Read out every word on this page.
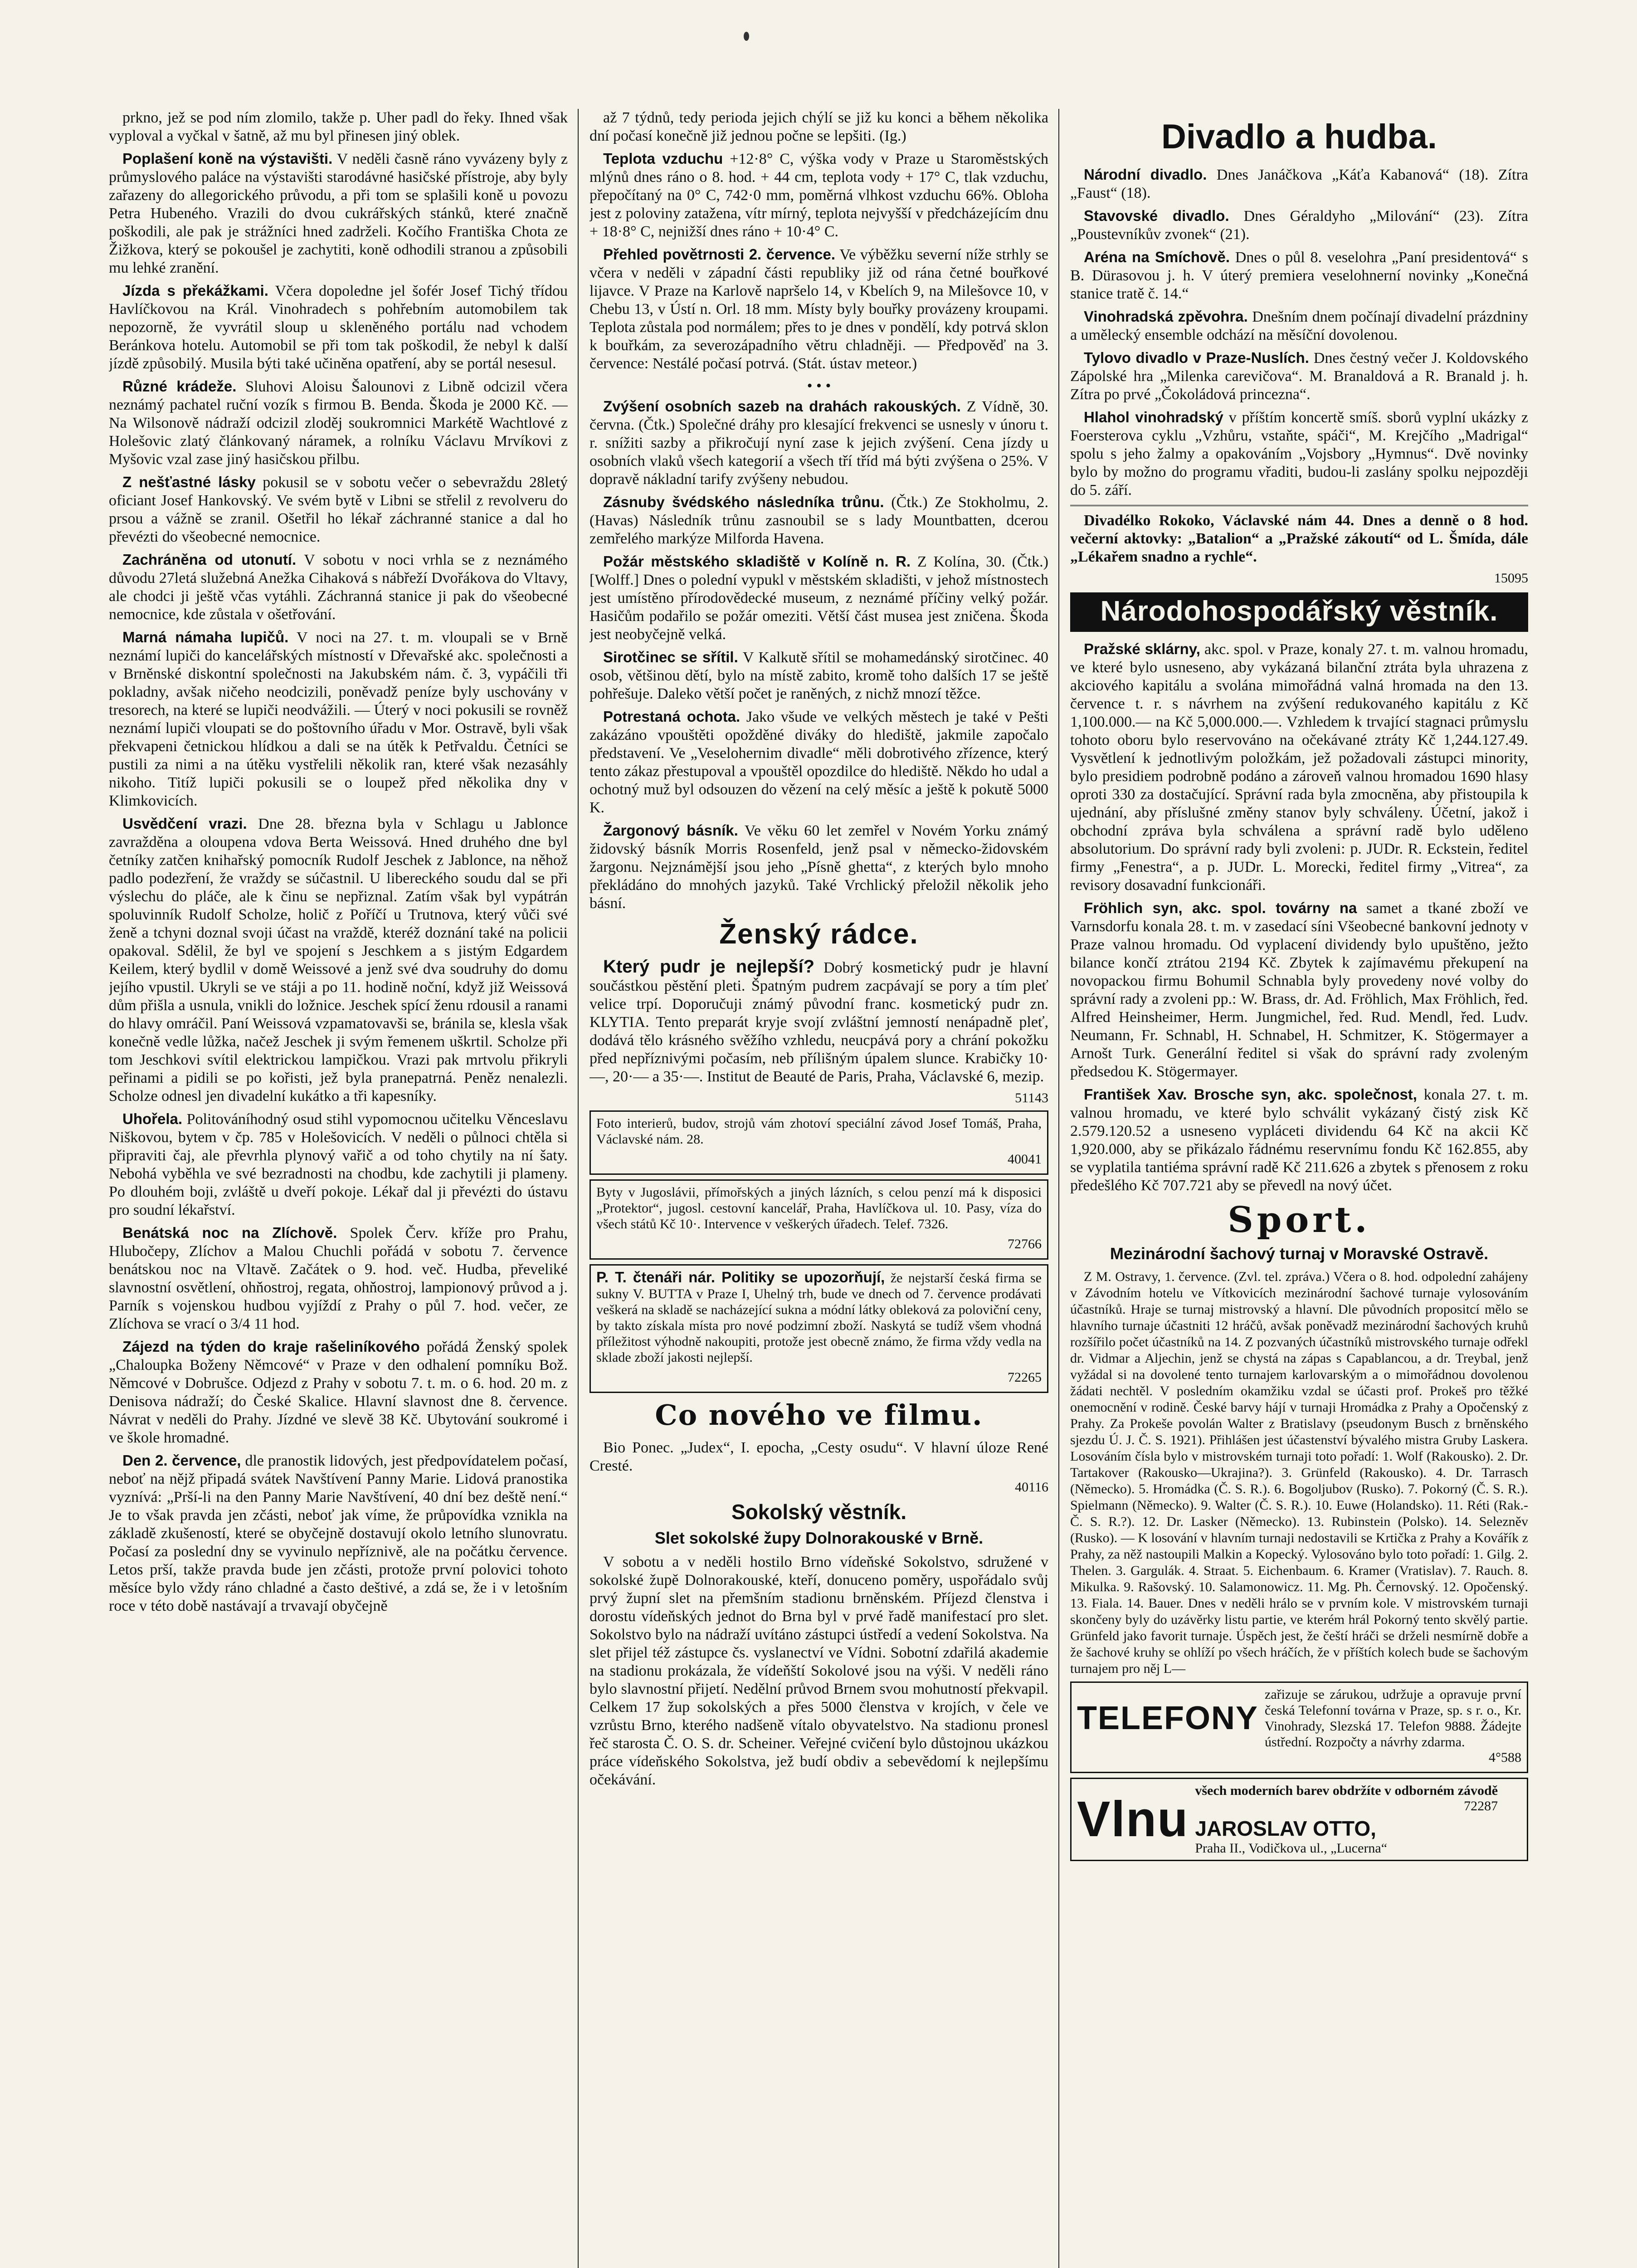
prkno, jež se pod ním zlomilo, takže p. Uher padl do řeky. Ihned však vyploval a vyčkal v šatně, až mu byl přinesen jiný oblek.

Poplašení koně na výstavišti. V neděli časně ráno vyvázeny byly z průmyslového paláce na výstavišti starodávné hasičské přístroje, aby byly zařazeny do allegorického průvodu, a při tom se splašili koně u povozu Petra Hubeného. Vrazili do dvou cukrářských stánků, které značně poškodili, ale pak je strážníci hned zadrželi. Kočího Františka Chota ze Žižkova, který se pokoušel je zachytiti, koně odhodili stranou a způsobili mu lehké zranění.

Jízda s překážkami. Včera dopoledne jel šofér Josef Tichý třídou Havlíčkovou na Král. Vinohradech s pohřebním automobilem tak nepozorně, že vyvrátil sloup u skleněného portálu nad vchodem Beránkova hotelu. Automobil se při tom tak poškodil, že nebyl k další jízdě způsobilý. Musila býti také učiněna opatření, aby se portál nesesul.

Různé krádeže. Sluhovi Aloisu Šalounovi z Libně odcizil včera neznámý pachatel ruční vozík s firmou B. Benda. Škoda je 2000 Kč. — Na Wilsonově nádraží odcizil zloděj soukromnici Markétě Wachtlové z Holešovic zlatý článkovaný náramek, a rolníku Václavu Mrvíkovi z Myšovic vzal zase jiný hasičskou přilbu.

Z nešťastné lásky pokusil se v sobotu večer o sebevraždu 28letý oficiant Josef Hankovský. Ve svém bytě v Libni se střelil z revolveru do prsou a vážně se zranil. Ošetřil ho lékař záchranné stanice a dal ho převézti do všeobecné nemocnice.

Zachráněna od utonutí. V sobotu v noci vrhla se z neznámého důvodu 27letá služebná Anežka Cihaková s nábřeží Dvořákova do Vltavy, ale chodci ji ještě včas vytáhli. Záchranná stanice ji pak do všeobecné nemocnice, kde zůstala v ošetřování.

Marná námaha lupičů. V noci na 27. t. m. vloupali se v Brně neznámí lupiči do kancelářských místností v Dřevařské akc. společnosti a v Brněnské diskontní společnosti na Jakubském nám. č. 3, vypáčili tři pokladny, avšak ničeho neodcizili, poněvadž peníze byly uschovány v tresorech, na které se lupiči neodvážili. — Úterý v noci pokusili se rovněž neznámí lupiči vloupati se do poštovního úřadu v Mor. Ostravě, byli však překvapeni četnickou hlídkou a dali se na útěk k Petřvaldu. Četníci se pustili za nimi a na útěku vystřelili několik ran, které však nezasáhly nikoho. Titíž lupiči pokusili se o loupež před několika dny v Klimkovicích.

Usvědčení vrazi. Dne 28. března byla v Schlagu u Jablonce zavražděna a oloupena vdova Berta Weissová. Hned druhého dne byl četníky zatčen knihařský pomocník Rudolf Jeschek z Jablonce, na něhož padlo podezření, že vraždy se súčastnil. U libereckého soudu dal se při výslechu do pláče, ale k činu se nepřiznal. Zatím však byl vypátrán spoluvinník Rudolf Scholze, holič z Poříčí u Trutnova, který vůči své ženě a tchyni doznal svoji účast na vraždě, kteréž doznání také na policii opakoval. Sdělil, že byl ve spojení s Jeschkem a s jistým Edgardem Keilem, který bydlil v domě Weissové a jenž své dva soudruhy do domu jejího vpustil. Ukryli se ve stáji a po 11. hodině noční, když již Weissová dům přišla a usnula, vnikli do ložnice. Jeschek spící ženu rdousil a ranami do hlavy omráčil. Paní Weissová vzpamatovavši se, bránila se, klesla však konečně vedle lůžka, načež Jeschek ji svým řemenem uškrtil. Scholze při tom Jeschkovi svítil elektrickou lampičkou. Vrazi pak mrtvolu přikryli peřinami a pidili se po kořisti, jež byla pranepatrná. Peněz nenalezli. Scholze odnesl jen divadelní kukátko a tři kapesníky.

Uhořela. Politováníhodný osud stihl vypomocnou učitelku Věnceslavu Niškovou, bytem v čp. 785 v Holešovicích. V neděli o půlnoci chtěla si připraviti čaj, ale převrhla plynový vařič a od toho chytily na ní šaty. Nebohá vyběhla ve své bezradnosti na chodbu, kde zachytili ji plameny. Po dlouhém boji, zvláště u dveří pokoje. Lékař dal ji převézti do ústavu pro soudní lékařství.

Benátská noc na Zlíchově. Spolek Červ. kříže pro Prahu, Hlubočepy, Zlíchov a Malou Chuchli pořádá v sobotu 7. července benátskou noc na Vltavě. Začátek o 9. hod. več. Hudba, převeliké slavnostní osvětlení, ohňostroj, regata, ohňostroj, lampionový průvod a j. Parník s vojenskou hudbou vyjíždí z Prahy o půl 7. hod. večer, ze Zlíchova se vrací o 3/4 11 hod.

Zájezd na týden do kraje rašeliníkového pořádá Ženský spolek „Chaloupka Boženy Němcové“ v Praze v den odhalení pomníku Bož. Němcové v Dobrušce. Odjezd z Prahy v sobotu 7. t. m. o 6. hod. 20 m. z Denisova nádraží; do České Skalice. Hlavní slavnost dne 8. července. Návrat v neděli do Prahy. Jízdné ve slevě 38 Kč. Ubytování soukromé i ve škole hromadné.

Den 2. července, dle pranostik lidových, jest předpovídatelem počasí, neboť na nějž připadá svátek Navštívení Panny Marie. Lidová pranostika vyznívá: „Prší-li na den Panny Marie Navštívení, 40 dní bez deště není.“ Je to však pravda jen zčásti, neboť jak víme, že průpovídka vznikla na základě zkušeností, které se obyčejně dostavují okolo letního slunovratu. Počasí za poslední dny se vyvinulo nepříznivě, ale na počátku července. Letos prší, takže pravda bude jen zčásti, protože první polovici tohoto měsíce bylo vždy ráno chladné a často deštivé, a zdá se, že i v letošním roce v této době nastávají a trvavají obyčejně

až 7 týdnů, tedy perioda jejich chýlí se již ku konci a během několika dní počasí konečně již jednou počne se lepšiti. (Ig.)

Teplota vzduchu +12·8° C, výška vody v Praze u Staroměstských mlýnů dnes ráno o 8. hod. + 44 cm, teplota vody + 17° C, tlak vzduchu, přepočítaný na 0° C, 742·0 mm, poměrná vlhkost vzduchu 66%. Obloha jest z poloviny zatažena, vítr mírný, teplota nejvyšší v předcházejícím dnu + 18·8° C, nejnižší dnes ráno + 10·4° C.

Přehled povětrnosti 2. července. Ve výběžku severní níže strhly se včera v neděli v západní části republiky již od rána četné bouřkové lijavce. V Praze na Karlově napršelo 14, v Kbelích 9, na Milešovce 10, v Chebu 13, v Ústí n. Orl. 18 mm. Místy byly bouřky provázeny kroupami. Teplota zůstala pod normálem; přes to je dnes v pondělí, kdy potrvá sklon k bouřkám, za severozápadního větru chladněji. — Předpověď na 3. července: Nestálé počasí potrvá. (Stát. ústav meteor.)

• • •

Zvýšení osobních sazeb na drahách rakouských. Z Vídně, 30. června. (Čtk.) Společné dráhy pro klesající frekvenci se usnesly v únoru t. r. snížiti sazby a přikročují nyní zase k jejich zvýšení. Cena jízdy u osobních vlaků všech kategorií a všech tří tříd má býti zvýšena o 25%. V dopravě nákladní tarify zvýšeny nebudou.

Zásnuby švédského následníka trůnu. (Čtk.) Ze Stokholmu, 2. (Havas) Následník trůnu zasnoubil se s lady Mountbatten, dcerou zemřelého markýze Milforda Havena.

Požár městského skladiště v Kolíně n. R. Z Kolína, 30. (Čtk.) [Wolff.] Dnes o polední vypukl v městském skladišti, v jehož místnostech jest umístěno přírodovědecké museum, z neznámé příčiny velký požár. Hasičům podařilo se požár omeziti. Větší část musea jest zničena. Škoda jest neobyčejně velká.

Sirotčinec se sřítil. V Kalkutě sřítil se mohamedánský sirotčinec. 40 osob, většinou dětí, bylo na místě zabito, kromě toho dalších 17 se ještě pohřešuje. Daleko větší počet je raněných, z nichž mnozí těžce.

Potrestaná ochota. Jako všude ve velkých městech je také v Pešti zakázáno vpouštěti opožděné diváky do hlediště, jakmile započalo představení. Ve „Veselohernim divadle“ měli dobrotivého zřízence, který tento zákaz přestupoval a vpouštěl opozdilce do hlediště. Někdo ho udal a ochotný muž byl odsouzen do vězení na celý měsíc a ještě k pokutě 5000 K.

Žargonový básník. Ve věku 60 let zemřel v Novém Yorku známý židovský básník Morris Rosenfeld, jenž psal v německo-židovském žargonu. Nejznámější jsou jeho „Písně ghetta“, z kterých bylo mnoho překládáno do mnohých jazyků. Také Vrchlický přeložil několik jeho básní.

Ženský rádce.

Který pudr je nejlepší? Dobrý kosmetický pudr je hlavní součástkou pěstění pleti. Špatným pudrem zacpávají se pory a tím pleť velice trpí. Doporučuji známý původní franc. kosmetický pudr zn. KLYTIA. Tento preparát kryje svojí zvláštní jemností nenápadně pleť, dodává tělo krásného svěžího vzhledu, neucpává pory a chrání pokožku před nepříznivými počasím, neb přílišným úpalem slunce. Krabičky 10·—, 20·— a 35·—. Institut de Beauté de Paris, Praha, Václavské 6, mezip.

51143

Foto interierů, budov, strojů vám zhotoví speciální závod Josef Tomáš, Praha, Václavské nám. 28.

40041

Byty v Jugoslávii, přímořských a jiných lázních, s celou penzí má k disposici „Protektor“, jugosl. cestovní kancelář, Praha, Havlíčkova ul. 10. Pasy, víza do všech států Kč 10·. Intervence v veškerých úřadech. Telef. 7326.

72766

P. T. čtenáři nár. Politiky se upozorňují, že nejstarší česká firma se sukny V. BUTTA v Praze I, Uhelný trh, bude ve dnech od 7. července prodávati veškerá na skladě se nacházející sukna a módní látky obleková za poloviční ceny, by takto získala místa pro nové podzimní zboží. Naskytá se tudíž všem vhodná příležitost výhodně nakoupiti, protože jest obecně známo, že firma vždy vedla na sklade zboží jakosti nejlepší.

72265
Co nového ve filmu.

Bio Ponec. „Judex“, I. epocha, „Cesty osudu“. V hlavní úloze René Cresté.

40116
Sokolský věstník.
Slet sokolské župy Dolnorakouské v Brně.

V sobotu a v neděli hostilo Brno vídeňské Sokolstvo, sdružené v sokolské župě Dolnorakouské, kteří, donuceno poměry, uspořádalo svůj prvý župní slet na přemšním stadionu brněnském. Příjezd členstva i dorostu vídeňských jednot do Brna byl v prvé řadě manifestací pro slet. Sokolstvo bylo na nádraží uvítáno zástupci ústředí a vedení Sokolstva. Na slet přijel též zástupce čs. vyslanectví ve Vídni. Sobotní zdařilá akademie na stadionu prokázala, že vídeňští Sokolové jsou na výši. V neděli ráno bylo slavnostní přijetí. Nedělní průvod Brnem svou mohutností překvapil. Celkem 17 žup sokolských a přes 5000 členstva v krojích, v čele ve vzrůstu Brno, kterého nadšeně vítalo obyvatelstvo. Na stadionu pronesl řeč starosta Č. O. S. dr. Scheiner. Veřejné cvičení bylo důstojnou ukázkou práce vídeňského Sokolstva, jež budí obdiv a sebevědomí k nejlepšímu očekávání.

Divadlo a hudba.

Národní divadlo. Dnes Janáčkova „Káťa Kabanová“ (18). Zítra „Faust“ (18).

Stavovské divadlo. Dnes Géraldyho „Milování“ (23). Zítra „Poustevníkův zvonek“ (21).

Aréna na Smíchově. Dnes o půl 8. veselohra „Paní presidentová“ s B. Dürasovou j. h. V úterý premiera veselohnerní novinky „Konečná stanice tratě č. 14.“

Vinohradská zpěvohra. Dnešním dnem počínají divadelní prázdniny a umělecký ensemble odchází na měsíční dovolenou.

Tylovo divadlo v Praze-Nuslích. Dnes čestný večer J. Koldovského Zápolské hra „Milenka carevičova“. M. Branaldová a R. Branald j. h. Zítra po prvé „Čokoládová princezna“.

Hlahol vinohradský v příštím koncertě smíš. sborů vyplní ukázky z Foersterova cyklu „Vzhůru, vstaňte, spáči“, M. Krejčího „Madrigal“ spolu s jeho žalmy a opakováním „Vojsbory „Hymnus“. Dvě novinky bylo by možno do programu vřaditi, budou-li zaslány spolku nejpozději do 5. září.

Divadélko Rokoko, Václavské nám 44. Dnes a denně o 8 hod. večerní aktovky: „Batalion“ a „Pražské zákoutí“ od L. Šmída, dále „Lékařem snadno a rychle“.

15095
Národohospodářský věstník.

Pražské sklárny, akc. spol. v Praze, konaly 27. t. m. valnou hromadu, ve které bylo usneseno, aby vykázaná bilanční ztráta byla uhrazena z akciového kapitálu a svolána mimořádná valná hromada na den 13. července t. r. s návrhem na zvýšení redukovaného kapitálu z Kč 1,100.000.— na Kč 5,000.000.—. Vzhledem k trvající stagnaci průmyslu tohoto oboru bylo reservováno na očekávané ztráty Kč 1,244.127.49. Vysvětlení k jednotlivým položkám, jež požadovali zástupci minority, bylo presidiem podrobně podáno a zároveň valnou hromadou 1690 hlasy oproti 330 za dostačující. Správní rada byla zmocněna, aby přistoupila k ujednání, aby příslušné změny stanov byly schváleny. Účetní, jakož i obchodní zpráva byla schválena a správní radě bylo uděleno absolutorium. Do správní rady byli zvoleni: p. JUDr. R. Eckstein, ředitel firmy „Fenestra“, a p. JUDr. L. Morecki, ředitel firmy „Vitrea“, za revisory dosavadní funkcionáři.

Fröhlich syn, akc. spol. továrny na samet a tkané zboží ve Varnsdorfu konala 28. t. m. v zasedací síni Všeobecné bankovní jednoty v Praze valnou hromadu. Od vyplacení dividendy bylo upuštěno, ježto bilance končí ztrátou 2194 Kč. Zbytek k zajímavému překupení na novopackou firmu Bohumil Schnabla byly provedeny nové volby do správní rady a zvoleni pp.: W. Brass, dr. Ad. Fröhlich, Max Fröhlich, řed. Alfred Heinsheimer, Herm. Jungmichel, řed. Rud. Mendl, řed. Ludv. Neumann, Fr. Schnabl, H. Schnabel, H. Schmitzer, K. Stögermayer a Arnošt Turk. Generální ředitel si však do správní rady zvoleným předsedou K. Stögermayer.

František Xav. Brosche syn, akc. společnost, konala 27. t. m. valnou hromadu, ve které bylo schválit vykázaný čistý zisk Kč 2.579.120.52 a usneseno vypláceti dividendu 64 Kč na akcii Kč 1,920.000, aby se přikázalo řádnému reservnímu fondu Kč 162.855, aby se vyplatila tantiéma správní radě Kč 211.626 a zbytek s přenosem z roku předešlého Kč 707.721 aby se převedl na nový účet.

Sport.
Mezinárodní šachový turnaj v Moravské Ostravě.

Z M. Ostravy, 1. července. (Zvl. tel. zpráva.) Včera o 8. hod. odpolední zahájeny v Závodním hotelu ve Vítkovicích mezinárodní šachové turnaje vylosováním účastníků. Hraje se turnaj mistrovský a hlavní. Dle původních propositcí mělo se hlavního turnaje účastniti 12 hráčů, avšak poněvadž mezinárodní šachových kruhů rozšířilo počet účastníků na 14. Z pozvaných účastníků mistrovského turnaje odřekl dr. Vidmar a Aljechin, jenž se chystá na zápas s Capablancou, a dr. Treybal, jenž vyžádal si na dovolené tento turnajem karlovarským a o mimořádnou dovolenou žádati nechtěl. V posledním okamžiku vzdal se účasti prof. Prokeš pro těžké onemocnění v rodině. České barvy hájí v turnaji Hromádka z Prahy a Opočenský z Prahy. Za Prokeše povolán Walter z Bratislavy (pseudonym Busch z brněnského sjezdu Ú. J. Č. S. 1921). Přihlášen jest účastenství bývalého mistra Gruby Laskera. Losováním čísla bylo v mistrovském turnaji toto pořadí: 1. Wolf (Rakousko). 2. Dr. Tartakover (Rakousko—Ukrajina?). 3. Grünfeld (Rakousko). 4. Dr. Tarrasch (Německo). 5. Hromádka (Č. S. R.). 6. Bogoljubov (Rusko). 7. Pokorný (Č. S. R.). Spielmann (Německo). 9. Walter (Č. S. R.). 10. Euwe (Holandsko). 11. Réti (Rak.-Č. S. R.?). 12. Dr. Lasker (Německo). 13. Rubinstein (Polsko). 14. Selezněv (Rusko). — K losování v hlavním turnaji nedostavili se Krtička z Prahy a Kovářík z Prahy, za něž nastoupili Malkin a Kopecký. Vylosováno bylo toto pořadí: 1. Gilg. 2. Thelen. 3. Gargulák. 4. Straat. 5. Eichenbaum. 6. Kramer (Vratislav). 7. Rauch. 8. Mikulka. 9. Rašovský. 10. Salamonowicz. 11. Mg. Ph. Černovský. 12. Opočenský. 13. Fiala. 14. Bauer. Dnes v neděli hrálo se v prvním kole. V mistrovském turnaji skončeny byly do uzávěrky listu partie, ve kterém hrál Pokorný tento skvělý partie. Grünfeld jako favorit turnaje. Úspěch jest, že čeští hráči se drželi nesmírně dobře a že šachové kruhy se ohlíží po všech hráčích, že v příštích kolech bude se šachovým turnajem pro něj L—

TELEFONY

zařizuje se zárukou, udržuje a opravuje první česká Telefonní továrna v Praze, sp. s r. o., Kr. Vinohrady, Slezská 17. Telefon 9888. Žádejte ústřední. Rozpočty a návrhy zdarma.

4°588
Vlnu

všech moderních barev obdržíte v odborném závodě

72287

JAROSLAV OTTO,

Praha II., Vodičkova ul., „Lucerna“
